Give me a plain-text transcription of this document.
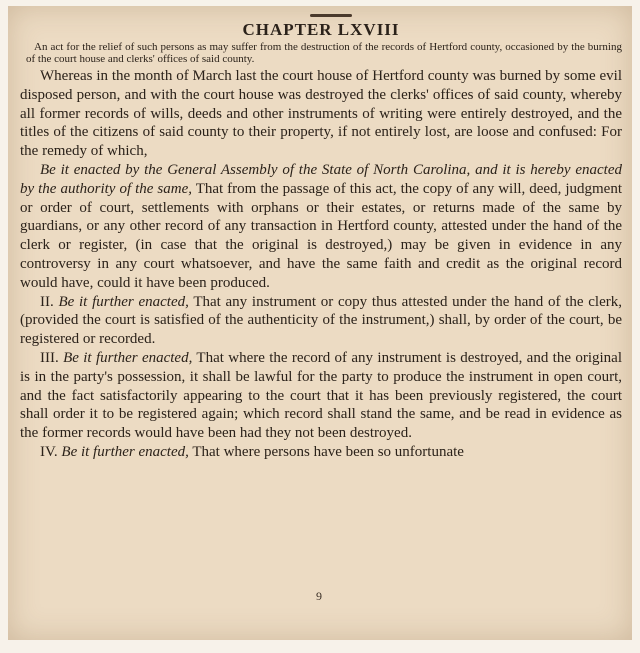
CHAPTER LXVIII

An act for the relief of such persons as may suffer from the destruction of the records of Hertford county, occasioned by the burning of the court house and clerks' offices of said county.

Whereas in the month of March last the court house of Hertford county was burned by some evil disposed person, and with the court house was destroyed the clerks' offices of said county, whereby all former records of wills, deeds and other instruments of writing were entirely destroyed, and the titles of the citizens of said county to their property, if not entirely lost, are loose and confused: For the remedy of which,

Be it enacted by the General Assembly of the State of North Carolina, and it is hereby enacted by the authority of the same, That from the passage of this act, the copy of any will, deed, judgment or order of court, settlements with orphans or their estates, or returns made of the same by guardians, or any other record of any transaction in Hertford county, attested under the hand of the clerk or register, (in case that the original is destroyed,) may be given in evidence in any controversy in any court whatsoever, and have the same faith and credit as the original record would have, could it have been produced.

II. Be it further enacted, That any instrument or copy thus attested under the hand of the clerk, (provided the court is satisfied of the authenticity of the instrument,) shall, by order of the court, be registered or recorded.

III. Be it further enacted, That where the record of any instrument is destroyed, and the original is in the party's possession, it shall be lawful for the party to produce the instrument in open court, and the fact satisfactorily appearing to the court that it has been previously registered, the court shall order it to be registered again; which record shall stand the same, and be read in evidence as the former records would have been had they not been destroyed.

IV. Be it further enacted, That where persons have been so unfortunate

9
